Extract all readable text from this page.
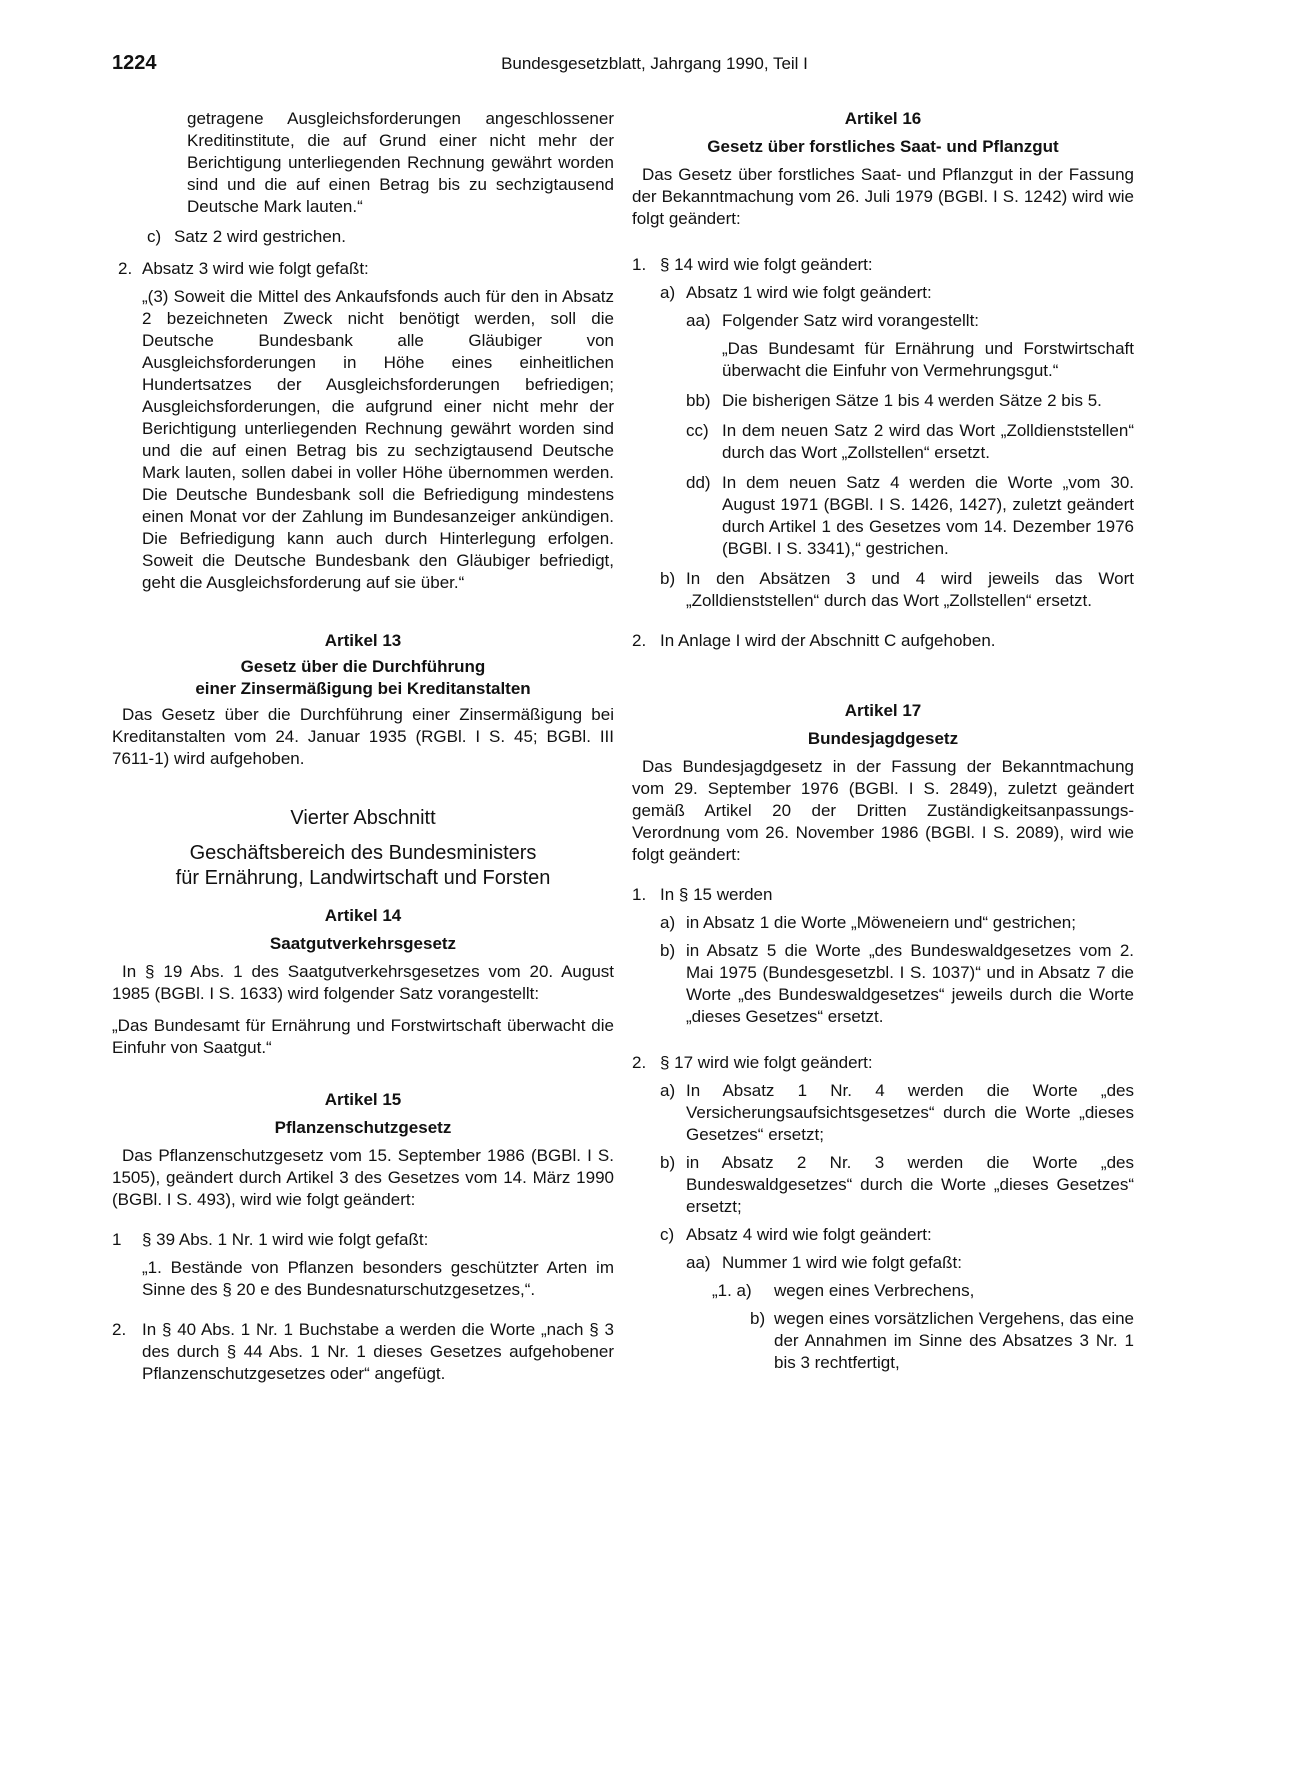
1224	Bundesgesetzblatt, Jahrgang 1990, Teil I

getragene Ausgleichsforderungen angeschlossener Kreditinstitute, die auf Grund einer nicht mehr der Berichtigung unterliegenden Rechnung gewährt worden sind und die auf einen Betrag bis zu sechzigtausend Deutsche Mark lauten.“

c) Satz 2 wird gestrichen.
2. Absatz 3 wird wie folgt gefaßt:

„(3) Soweit die Mittel des Ankaufsfonds auch für den in Absatz 2 bezeichneten Zweck nicht benötigt werden, soll die Deutsche Bundesbank alle Gläubiger von Ausgleichsforderungen in Höhe eines einheitlichen Hundertsatzes der Ausgleichsforderungen befriedigen; Ausgleichsforderungen, die aufgrund einer nicht mehr der Berichtigung unterliegenden Rechnung gewährt worden sind und die auf einen Betrag bis zu sechzigtausend Deutsche Mark lauten, sollen dabei in voller Höhe übernommen werden. Die Deutsche Bundesbank soll die Befriedigung mindestens einen Monat vor der Zahlung im Bundesanzeiger ankündigen. Die Befriedigung kann auch durch Hinterlegung erfolgen. Soweit die Deutsche Bundesbank den Gläubiger befriedigt, geht die Ausgleichsforderung auf sie über.“

Artikel 13

Gesetz über die Durchführung

einer Zinsermäßigung bei Kreditanstalten

Das Gesetz über die Durchführung einer Zinsermäßigung bei Kreditanstalten vom 24. Januar 1935 (RGBl. I S. 45; BGBl. III 7611-1) wird aufgehoben.

Vierter Abschnitt

Geschäftsbereich des Bundesministers

für Ernährung, Landwirtschaft und Forsten

Artikel 14

Saatgutverkehrsgesetz

In § 19 Abs. 1 des Saatgutverkehrsgesetzes vom 20. August 1985 (BGBl. I S. 1633) wird folgender Satz vorangestellt:

„Das Bundesamt für Ernährung und Forstwirtschaft überwacht die Einfuhr von Saatgut.“

Artikel 15

Pflanzenschutzgesetz

Das Pflanzenschutzgesetz vom 15. September 1986 (BGBl. I S. 1505), geändert durch Artikel 3 des Gesetzes vom 14. März 1990 (BGBl. I S. 493), wird wie folgt geändert:

1	§ 39 Abs. 1 Nr. 1 wird wie folgt gefaßt:

„1. Bestände von Pflanzen besonders geschützter Arten im Sinne des § 20 e des Bundesnaturschutzgesetzes,“.

2. In § 40 Abs. 1 Nr. 1 Buchstabe a werden die Worte „nach § 3 des durch § 44 Abs. 1 Nr. 1 dieses Gesetzes aufgehobener Pflanzenschutzgesetzes oder“ angefügt.

Artikel 16

Gesetz über forstliches Saat- und Pflanzgut

Das Gesetz über forstliches Saat- und Pflanzgut in der Fassung der Bekanntmachung vom 26. Juli 1979 (BGBl. I S. 1242) wird wie folgt geändert:

1. § 14 wird wie folgt geändert:
a) Absatz 1 wird wie folgt geändert:
aa) Folgender Satz wird vorangestellt:

„Das Bundesamt für Ernährung und Forstwirtschaft überwacht die Einfuhr von Vermehrungsgut.“

bb) Die bisherigen Sätze 1 bis 4 werden Sätze 2 bis 5.
cc) In dem neuen Satz 2 wird das Wort „Zolldienststellen“ durch das Wort „Zollstellen“ ersetzt.
dd) In dem neuen Satz 4 werden die Worte „vom 30. August 1971 (BGBl. I S. 1426, 1427), zuletzt geändert durch Artikel 1 des Gesetzes vom 14. Dezember 1976 (BGBl. I S. 3341),“ gestrichen.
b) In den Absätzen 3 und 4 wird jeweils das Wort „Zolldienststellen“ durch das Wort „Zollstellen“ ersetzt.
2. In Anlage I wird der Abschnitt C aufgehoben.

Artikel 17

Bundesjagdgesetz

Das Bundesjagdgesetz in der Fassung der Bekanntmachung vom 29. September 1976 (BGBl. I S. 2849), zuletzt geändert gemäß Artikel 20 der Dritten Zuständigkeitsanpassungs-Verordnung vom 26. November 1986 (BGBl. I S. 2089), wird wie folgt geändert:

1. In § 15 werden
a) in Absatz 1 die Worte „Möweneiern und“ gestrichen;
b) in Absatz 5 die Worte „des Bundeswaldgesetzes vom 2. Mai 1975 (Bundesgesetzbl. I S. 1037)“ und in Absatz 7 die Worte „des Bundeswaldgesetzes“ jeweils durch die Worte „dieses Gesetzes“ ersetzt.
2. § 17 wird wie folgt geändert:
a) In Absatz 1 Nr. 4 werden die Worte „des Versicherungsaufsichtsgesetzes“ durch die Worte „dieses Gesetzes“ ersetzt;
b) in Absatz 2 Nr. 3 werden die Worte „des Bundeswaldgesetzes“ durch die Worte „dieses Gesetzes“ ersetzt;
c) Absatz 4 wird wie folgt geändert:
aa) Nummer 1 wird wie folgt gefaßt:
„1. a)	wegen eines Verbrechens,
b) wegen eines vorsätzlichen Vergehens, das eine der Annahmen im Sinne des Absatzes 3 Nr. 1 bis 3 rechtfertigt,
